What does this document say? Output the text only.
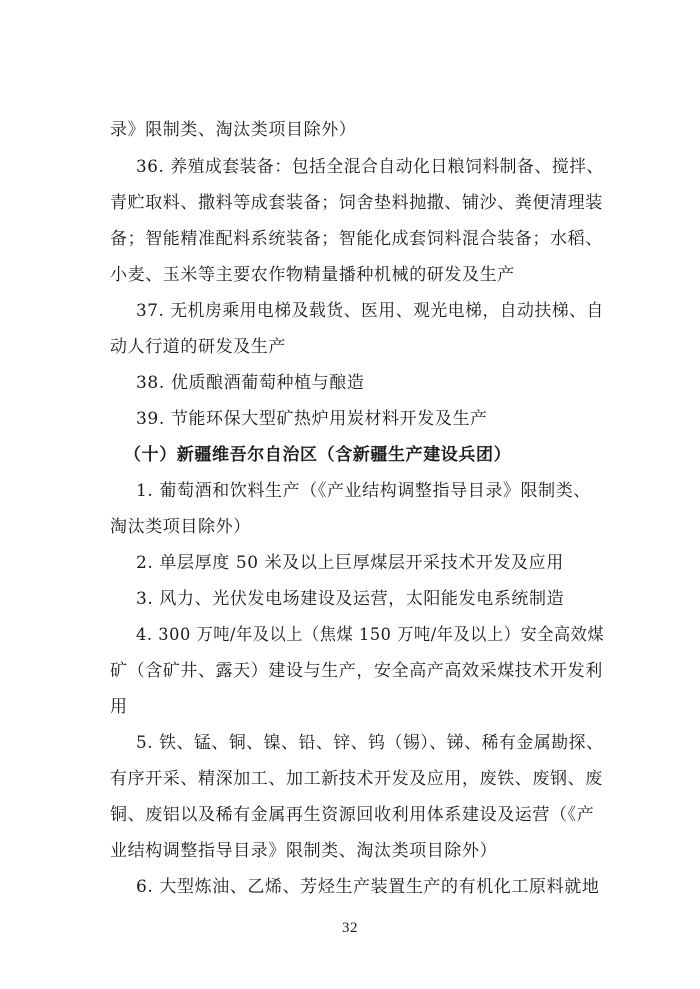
录》限制类、淘汰类项目除外）
36. 养殖成套装备：包括全混合自动化日粮饲料制备、搅拌、
青贮取料、撒料等成套装备；饲舍垫料抛撒、铺沙、粪便清理装
备；智能精准配料系统装备；智能化成套饲料混合装备；水稻、
小麦、玉米等主要农作物精量播种机械的研发及生产
37. 无机房乘用电梯及载货、医用、观光电梯，自动扶梯、自
动人行道的研发及生产
38. 优质酿酒葡萄种植与酿造
39. 节能环保大型矿热炉用炭材料开发及生产
（十）新疆维吾尔自治区（含新疆生产建设兵团）
1. 葡萄酒和饮料生产（《产业结构调整指导目录》限制类、
淘汰类项目除外）
2. 单层厚度 50 米及以上巨厚煤层开采技术开发及应用
3. 风力、光伏发电场建设及运营，太阳能发电系统制造
4. 300 万吨/年及以上（焦煤 150 万吨/年及以上）安全高效煤
矿（含矿井、露天）建设与生产，安全高产高效采煤技术开发利
用
5. 铁、锰、铜、镍、铅、锌、钨（锡）、锑、稀有金属勘探、
有序开采、精深加工、加工新技术开发及应用，废铁、废钢、废
铜、废铝以及稀有金属再生资源回收利用体系建设及运营（《产
业结构调整指导目录》限制类、淘汰类项目除外）
6. 大型炼油、乙烯、芳烃生产装置生产的有机化工原料就地
32
